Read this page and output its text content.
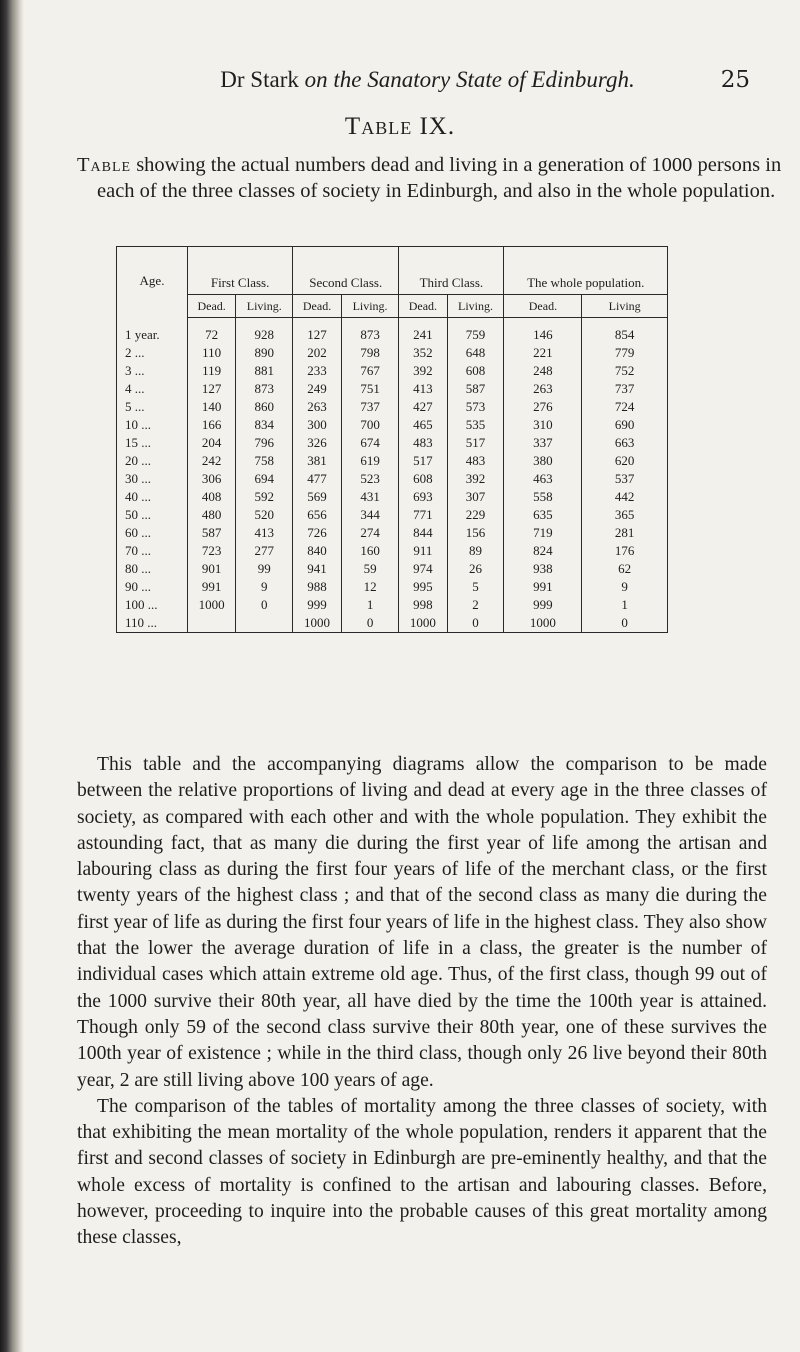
Dr Stark on the Sanatory State of Edinburgh.	25
Table IX.
Table showing the actual numbers dead and living in a generation of 1000 persons in each of the three classes of society in Edinburgh, and also in the whole population.
Age.	First Class.		Second Class.		Third Class.		The whole population.	
	Dead.	Living.	Dead.	Living.	Dead.	Living.	Dead.	Living
1 year.	72	928	127	873	241	759	146	854
2 ...	110	890	202	798	352	648	221	779
3 ...	119	881	233	767	392	608	248	752
4 ...	127	873	249	751	413	587	263	737
5 ...	140	860	263	737	427	573	276	724
10 ...	166	834	300	700	465	535	310	690
15 ...	204	796	326	674	483	517	337	663
20 ...	242	758	381	619	517	483	380	620
30 ...	306	694	477	523	608	392	463	537
40 ...	408	592	569	431	693	307	558	442
50 ...	480	520	656	344	771	229	635	365
60 ...	587	413	726	274	844	156	719	281
70 ...	723	277	840	160	911	89	824	176
80 ...	901	99	941	59	974	26	938	62
90 ...	991	9	988	12	995	5	991	9
100 ...	1000	0	999	1	998	2	999	1
110 ...			1000	0	1000	0	1000	0

This table and the accompanying diagrams allow the comparison to be made between the relative proportions of living and dead at every age in the three classes of society, as compared with each other and with the whole population. They exhibit the astounding fact, that as many die during the first year of life among the artisan and labouring class as during the first four years of life of the merchant class, or the first twenty years of the highest class ; and that of the second class as many die during the first year of life as during the first four years of life in the highest class. They also show that the lower the average duration of life in a class, the greater is the number of individual cases which attain extreme old age. Thus, of the first class, though 99 out of the 1000 survive their 80th year, all have died by the time the 100th year is attained. Though only 59 of the second class survive their 80th year, one of these survives the 100th year of existence ; while in the third class, though only 26 live beyond their 80th year, 2 are still living above 100 years of age.

The comparison of the tables of mortality among the three classes of society, with that exhibiting the mean mortality of the whole population, renders it apparent that the first and second classes of society in Edinburgh are pre-eminently healthy, and that the whole excess of mortality is confined to the artisan and labouring classes. Before, however, proceeding to inquire into the probable causes of this great mortality among these classes,
